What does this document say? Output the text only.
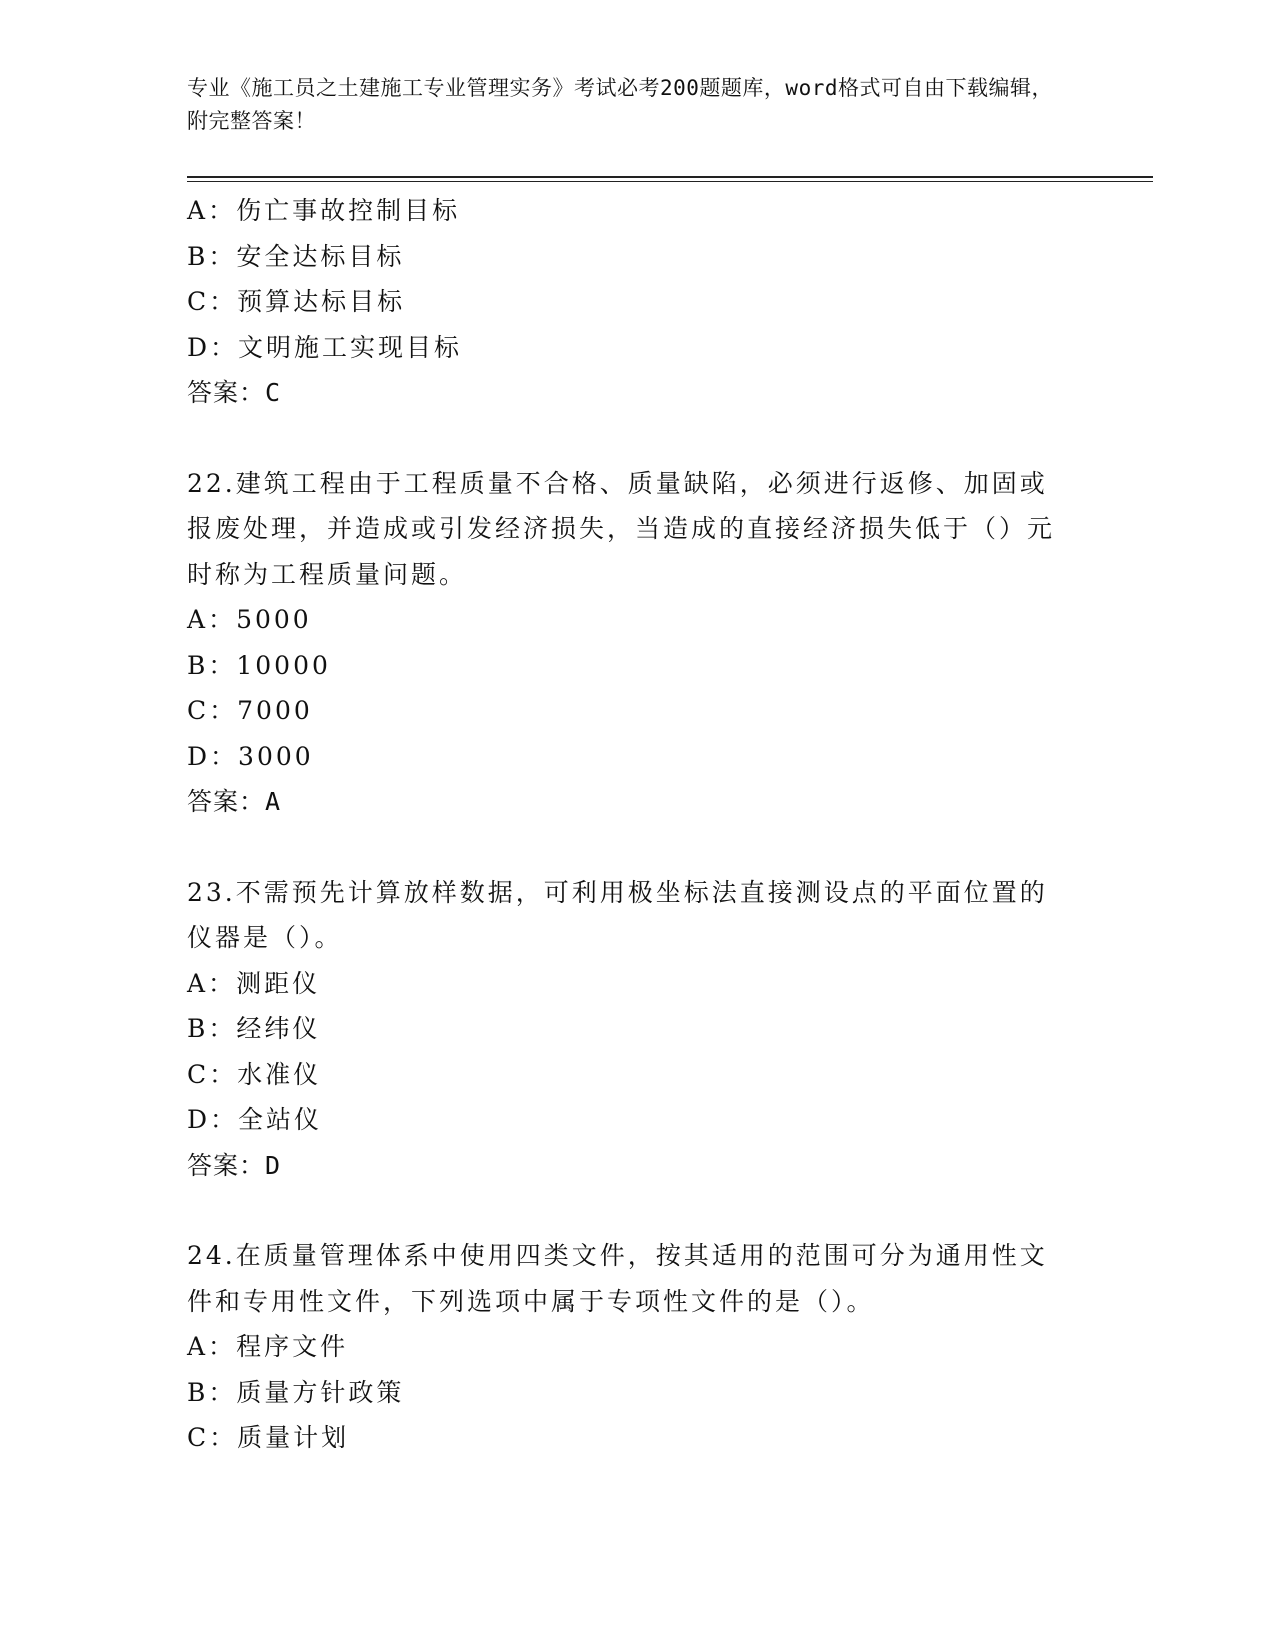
专业《施工员之土建施工专业管理实务》考试必考200题题库，word格式可自由下载编辑，附完整答案！
A：伤亡事故控制目标
B：安全达标目标
C：预算达标目标
D：文明施工实现目标
答案：C
22.建筑工程由于工程质量不合格、质量缺陷，必须进行返修、加固或报废处理，并造成或引发经济损失，当造成的直接经济损失低于（）元时称为工程质量问题。
A：5000
B：10000
C：7000
D：3000
答案：A
23.不需预先计算放样数据，可利用极坐标法直接测设点的平面位置的仪器是（）。
A：测距仪
B：经纬仪
C：水准仪
D：全站仪
答案：D
24.在质量管理体系中使用四类文件，按其适用的范围可分为通用性文件和专用性文件，下列选项中属于专项性文件的是（）。
A：程序文件
B：质量方针政策
C：质量计划
